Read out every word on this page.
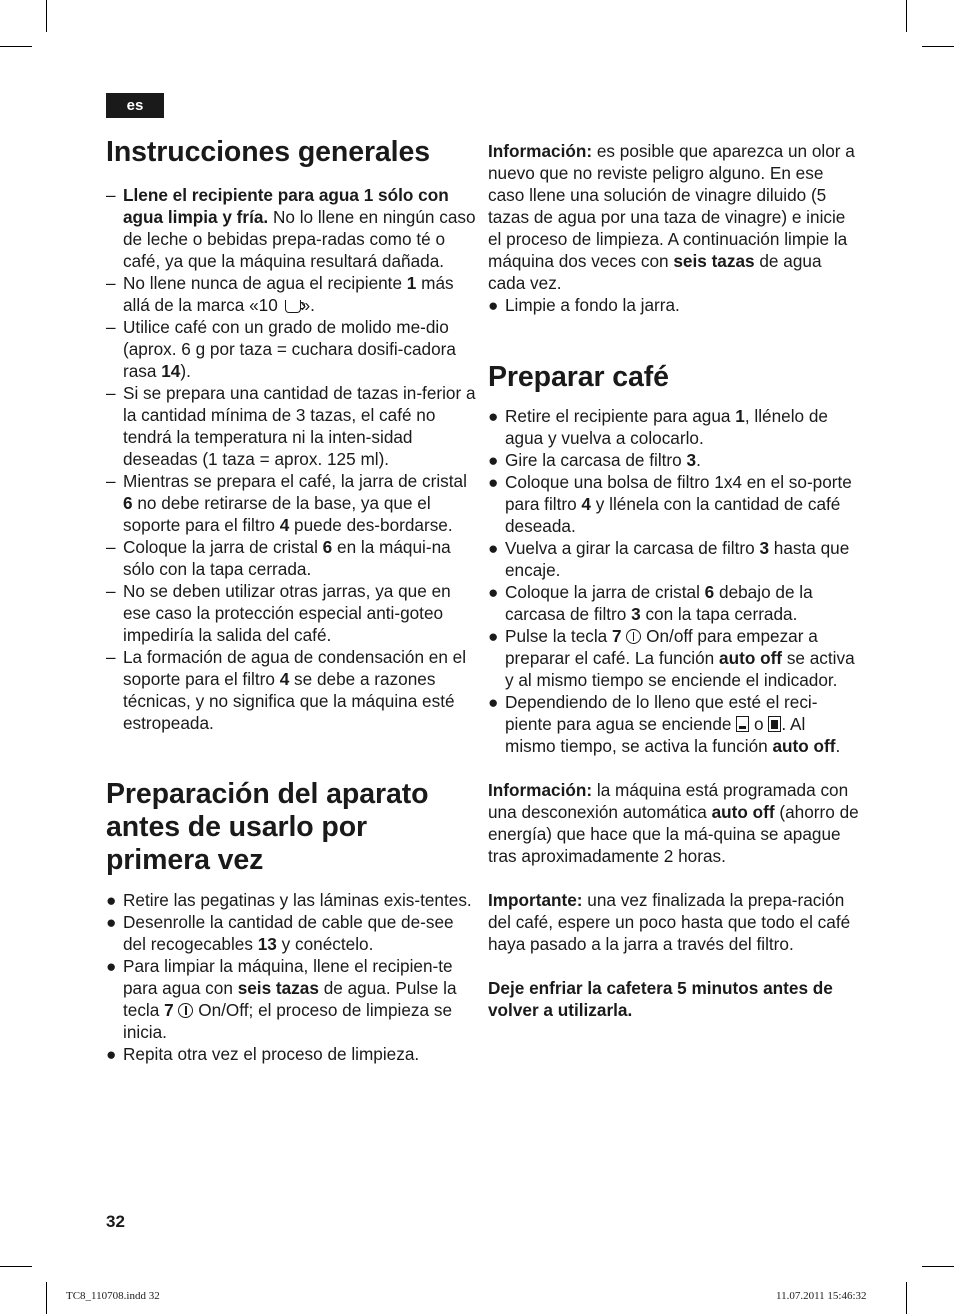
es
Instrucciones generales
– Llene el recipiente para agua 1 sólo con agua limpia y fría. No lo llene en ningún caso de leche o bebidas prepa-radas como té o café, ya que la máquina resultará dañada.
– No llene nunca de agua el recipiente 1 más allá de la marca «10 ».
– Utilice café con un grado de molido me-dio (aprox. 6 g por taza = cuchara dosifi-cadora rasa 14).
– Si se prepara una cantidad de tazas in-ferior a la cantidad mínima de 3 tazas, el café no tendrá la temperatura ni la inten-sidad deseadas (1 taza = aprox. 125 ml).
– Mientras se prepara el café, la jarra de cristal 6 no debe retirarse de la base, ya que el soporte para el filtro 4 puede des-bordarse.
– Coloque la jarra de cristal 6 en la máqui-na sólo con la tapa cerrada.
– No se deben utilizar otras jarras, ya que en ese caso la protección especial anti-goteo impediría la salida del café.
– La formación de agua de condensación en el soporte para el filtro 4 se debe a razones técnicas, y no significa que la máquina esté estropeada.
Preparación del aparato
antes de usarlo por
primera vez
● Retire las pegatinas y las láminas exis-tentes.
● Desenrolle la cantidad de cable que de-see del recogecables 13 y conéctelo.
● Para limpiar la máquina, llene el recipien-te para agua con seis tazas de agua. Pulse la tecla 7  On/Off; el proceso de limpieza se inicia.
● Repita otra vez el proceso de limpieza.

Información: es posible que aparezca un olor a nuevo que no reviste peligro alguno. En ese caso llene una solución de vinagre diluido (5 tazas de agua por una taza de vinagre) e inicie el proceso de limpieza. A continuación limpie la máquina dos veces con seis tazas de agua cada vez.

● Limpie a fondo la jarra.
Preparar café
● Retire el recipiente para agua 1, llénelo de agua y vuelva a colocarlo.
● Gire la carcasa de filtro 3.
● Coloque una bolsa de filtro 1x4 en el so-porte para filtro 4 y llénela con la cantidad de café deseada.
● Vuelva a girar la carcasa de filtro 3 hasta que encaje.
● Coloque la jarra de cristal 6 debajo de la carcasa de filtro 3 con la tapa cerrada.
● Pulse la tecla 7  On/off para empezar a preparar el café. La función auto off se activa y al mismo tiempo se enciende el indicador.
● Dependiendo de lo lleno que esté el reci-piente para agua se enciende  o . Al mismo tiempo, se activa la función auto off.

Información: la máquina está programada con una desconexión automática auto off (ahorro de energía) que hace que la má-quina se apague tras aproximadamente 2 horas.

Importante: una vez finalizada la prepa-ración del café, espere un poco hasta que todo el café haya pasado a la jarra a través del filtro.

Deje enfriar la cafetera 5 minutos antes de volver a utilizarla.

32
TC8_110708.indd 32	11.07.2011 15:46:32
